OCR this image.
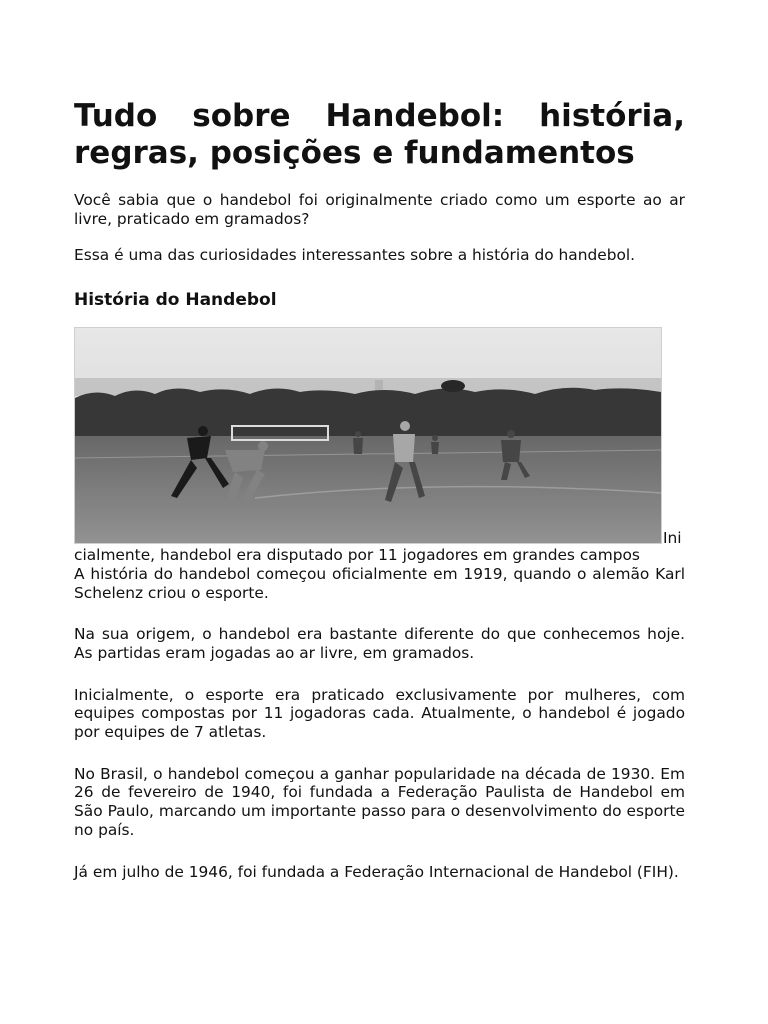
Tudo sobre Handebol: história, regras, posições e fundamentos

Você sabia que o handebol foi originalmente criado como um esporte ao ar livre, praticado em gramados?

Essa é uma das curiosidades interessantes sobre a história do handebol.

História do Handebol
Ini

cialmente, handebol era disputado por 11 jogadores em grandes campos

A história do handebol começou oficialmente em 1919, quando o alemão Karl Schelenz criou o esporte.

Na sua origem, o handebol era bastante diferente do que conhecemos hoje. As partidas eram jogadas ao ar livre, em gramados.

Inicialmente, o esporte era praticado exclusivamente por mulheres, com equipes compostas por 11 jogadoras cada. Atualmente, o handebol é jogado por equipes de 7 atletas.

No Brasil, o handebol começou a ganhar popularidade na década de 1930. Em 26 de fevereiro de 1940, foi fundada a Federação Paulista de Handebol em São Paulo, marcando um importante passo para o desenvolvimento do esporte no país.

Já em julho de 1946, foi fundada a Federação Internacional de Handebol (FIH).
